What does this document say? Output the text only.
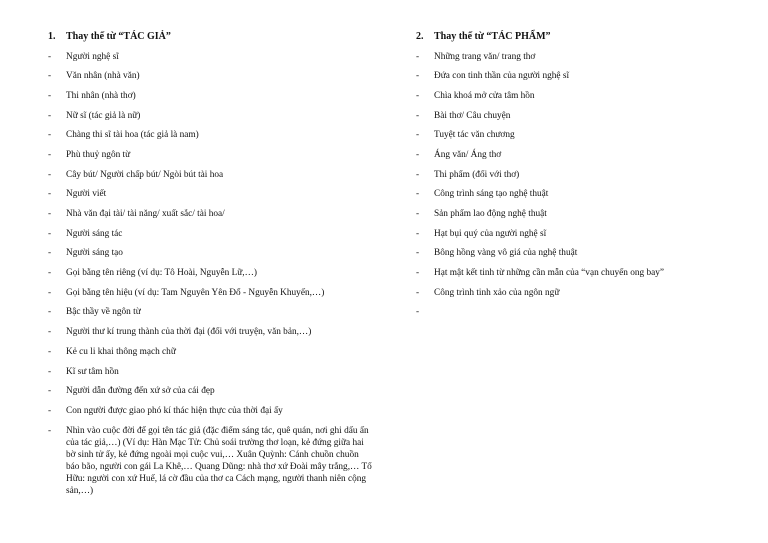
1.	Thay thế từ “TÁC GIẢ”
-	Người nghệ sĩ
-	Văn nhân (nhà văn)
-	Thi nhân (nhà thơ)
-	Nữ sĩ (tác giả là nữ)
-	Chàng thi sĩ tài hoa (tác giả là nam)
-	Phù thuỷ ngôn từ
-	Cây bút/ Người chấp bút/ Ngòi bút tài hoa
-	Người viết
-	Nhà văn đại tài/ tài năng/ xuất sắc/ tài hoa/
-	Người sáng tác
-	Người sáng tạo
-	Gọi bằng tên riêng (ví dụ: Tô Hoài, Nguyễn Lữ,…)
-	Gọi bằng tên hiệu (ví dụ: Tam Nguyên Yên Đổ - Nguyễn Khuyến,…)
-	Bậc thầy về ngôn từ
-	Người thư kí trung thành của thời đại (đối với truyện, văn bản,…)
-	Kẻ cu li khai thông mạch chữ
-	Kĩ sư tâm hồn
-	Người dẫn đường đến xứ sở của cái đẹp
-	Con người được giao phó kí thác hiện thực của thời đại ấy
-	Nhìn vào cuộc đời để gọi tên tác giả (đặc điểm sáng tác, quê quán, nơi ghi dấu ấn của tác giả,…) (Ví dụ: Hàn Mạc Tử: Chủ soái trường thơ loạn, kẻ đứng giữa hai bờ sinh tử ấy, kẻ đứng ngoài mọi cuộc vui,… Xuân Quỳnh: Cánh chuồn chuồn báo bão, người con gái La Khê,… Quang Dũng: nhà thơ xứ Đoài mây trắng,… Tố Hữu: người con xứ Huế, lá cờ đầu của thơ ca Cách mạng, người thanh niên cộng sản,…)
2.	Thay thế từ “TÁC PHẨM”
-	Những trang văn/ trang thơ
-	Đứa con tinh thần của người nghệ sĩ
-	Chìa khoá mở cửa tâm hồn
-	Bài thơ/ Câu chuyện
-	Tuyệt tác văn chương
-	Áng văn/ Áng thơ
-	Thi phẩm (đối với thơ)
-	Công trình sáng tạo nghệ thuật
-	Sản phẩm lao động nghệ thuật
-	Hạt bụi quý của người nghệ sĩ
-	Bông hồng vàng vô giá của nghệ thuật
-	Hạt mật kết tinh từ những cần mẫn của “vạn chuyến ong bay”
-	Công trình tinh xảo của ngôn ngữ
-
